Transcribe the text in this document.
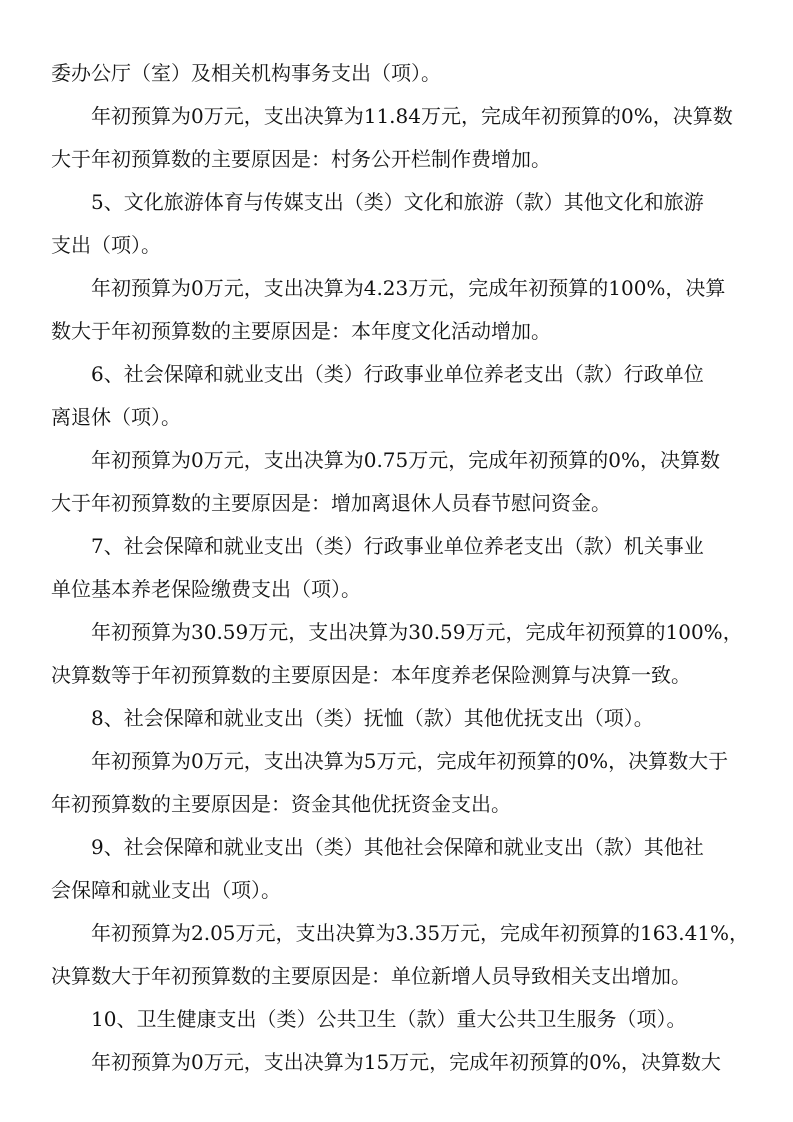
委办公厅（室）及相关机构事务支出（项）。
年初预算为0万元，支出决算为11.84万元，完成年初预算的0%，决算数
大于年初预算数的主要原因是：村务公开栏制作费增加。
5、文化旅游体育与传媒支出（类）文化和旅游（款）其他文化和旅游
支出（项）。
年初预算为0万元，支出决算为4.23万元，完成年初预算的100%，决算
数大于年初预算数的主要原因是：本年度文化活动增加。
6、社会保障和就业支出（类）行政事业单位养老支出（款）行政单位
离退休（项）。
年初预算为0万元，支出决算为0.75万元，完成年初预算的0%，决算数
大于年初预算数的主要原因是：增加离退休人员春节慰问资金。
7、社会保障和就业支出（类）行政事业单位养老支出（款）机关事业
单位基本养老保险缴费支出（项）。
年初预算为30.59万元，支出决算为30.59万元，完成年初预算的100%，
决算数等于年初预算数的主要原因是：本年度养老保险测算与决算一致。
8、社会保障和就业支出（类）抚恤（款）其他优抚支出（项）。
年初预算为0万元，支出决算为5万元，完成年初预算的0%，决算数大于
年初预算数的主要原因是：资金其他优抚资金支出。
9、社会保障和就业支出（类）其他社会保障和就业支出（款）其他社
会保障和就业支出（项）。
年初预算为2.05万元，支出决算为3.35万元，完成年初预算的163.41%，
决算数大于年初预算数的主要原因是：单位新增人员导致相关支出增加。
10、卫生健康支出（类）公共卫生（款）重大公共卫生服务（项）。
年初预算为0万元，支出决算为15万元，完成年初预算的0%，决算数大
